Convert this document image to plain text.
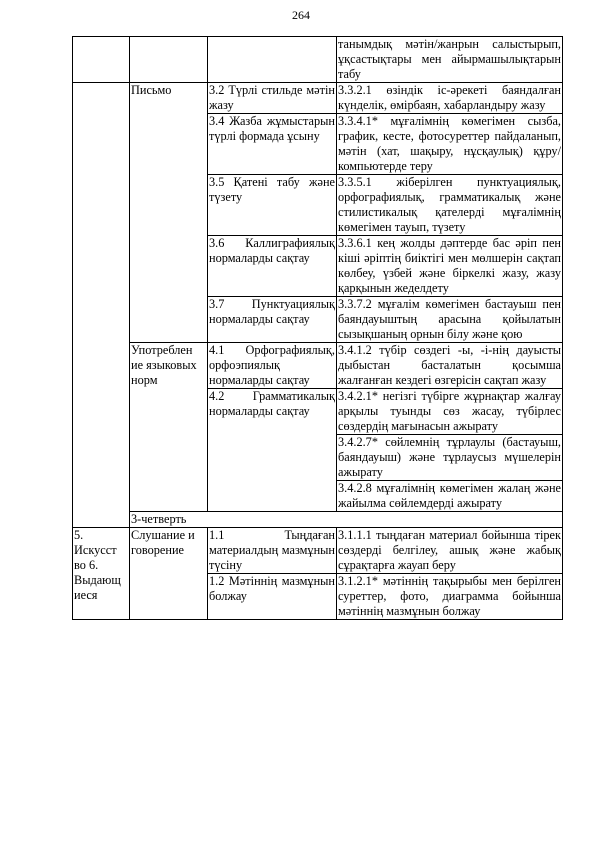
264
			танымдық мәтін/жанрын салыстырып, ұқсастықтары мен айырмашылықтарын табу
	Письмо	3.2 Түрлі стильде мәтін жазу	3.3.2.1 өзіндік іс-әрекеті баяндалған күнделік, өмірбаян, хабарландыру жазу
		3.4 Жазба жұмыстарын түрлі формада ұсыну	3.3.4.1* мұғалімнің көмегімен сызба, график, кесте, фотосуреттер пайдаланып, мәтін (хат, шақыру, нұсқаулық) құру/компьютерде теру
		3.5 Қатені табу және түзету	3.3.5.1 жіберілген пунктуациялық, орфографиялық, грамматикалық және стилистикалық қателерді мұғалімнің көмегімен тауып, түзету
		3.6 Каллиграфиялық нормаларды сақтау	3.3.6.1 кең жолды дәптерде бас әріп пен кіші әріптің биіктігі мен мөлшерін сақтап көлбеу, үзбей және біркелкі жазу, жазу қарқынын жеделдету
		3.7 Пунктуациялық нормаларды сақтау	3.3.7.2 мұғалім көмегімен бастауыш пен баяндауыштың арасына қойылатын сызықшаның орнын білу және қою
	Употреблен ие языковых норм	4.1 Орфографиялық, орфоэпиялық нормаларды сақтау	3.4.1.2 түбір сөздегі -ы, -і-нің дауысты дыбыстан басталатын қосымша жалғанған кездегі өзгерісін сақтап жазу
		4.2 Грамматикалық нормаларды сақтау	3.4.2.1* негізгі түбірге жұрнақтар жалғау арқылы туынды сөз жасау, түбірлес сөздердің мағынасын ажырату
			3.4.2.7* сөйлемнің тұрлаулы (бастауыш, баяндауыш) және тұрлаусыз мүшелерін ажырату
			3.4.2.8 мұғалімнің көмегімен жалаң және жайылма сөйлемдерді ажырату
	3-четверть		
5. Искусст во 6. Выдающ иеся	Слушание и говорение	1.1 Тыңдаған материалдың мазмұнын түсіну	3.1.1.1 тыңдаған материал бойынша тірек сөздерді белгілеу, ашық және жабық сұрақтарға жауап беру
		1.2 Мәтіннің мазмұнын болжау	3.1.2.1* мәтіннің тақырыбы мен берілген суреттер, фото, диаграмма бойынша мәтіннің мазмұнын болжау
